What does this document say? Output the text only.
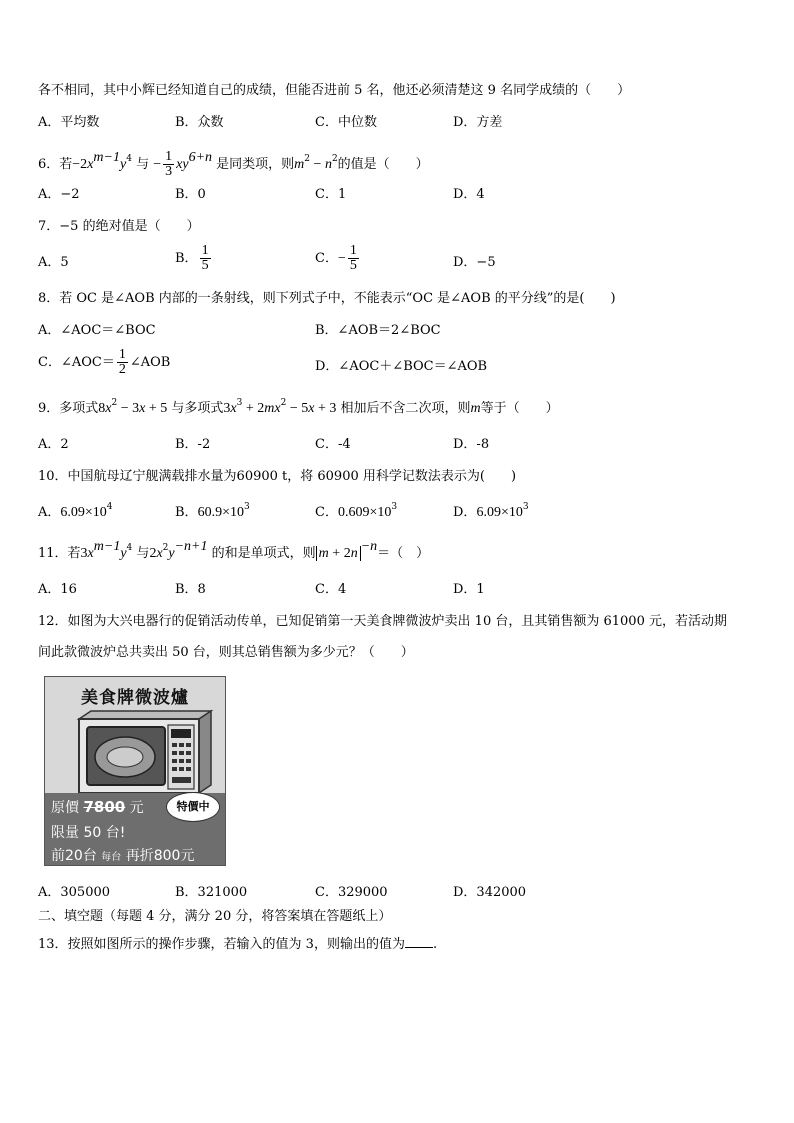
各不相同，其中小辉已经知道自己的成绩，但能否进前 5 名，他还必须清楚这 9 名同学成绩的（　　）
A．平均数	B．众数	C．中位数	D．方差
6．若$-2x^{m-1}y^4$ 与 − $\frac{1}{3} xy^{6+n}$ 是同类项，则$m^2 - n^2$的值是（　　）
A．−2	B．0	C．1	D．4
7．−5 的绝对值是（　　）
A．5	B． $\frac{1}{5}$	C．− $\frac{1}{5}$	D．−5
8．若 OC 是∠AOB 内部的一条射线，则下列式子中，不能表示“OC 是∠AOB 的平分线”的是(　　)
A．∠AOC＝∠BOC	B．∠AOB＝2∠BOC
C．∠AOC＝ $\frac{1}{2}$ ∠AOB	D．∠AOC＋∠BOC＝∠AOB
9．多项式$8x^2 - 3x + 5$ 与多项式$3x^3 + 2mx^2 - 5x + 3$ 相加后不含二次项，则m等于（　　）
A．2	B．-2	C．-4	D．-8
10．中国航母辽宁舰满载排水量为60900 t，将 60900 用科学记数法表示为(　　)
A．$6.09\times 10^4$	B．$60.9\times 10^3$	C．$0.609\times 10^3$	D．$6.09\times 10^3$
11．若$3x^{m-1}y^4$ 与$2x^2y^{-n+1}$ 的和是单项式，则 m + 2n $^{-n}$＝（　）
A．16	B．8	C．4	D．1
12．如图为大兴电器行的促销活动传单，已知促销第一天美食牌微波炉卖出 10 台，且其销售额为 61000 元，若活动期
间此款微波炉总共卖出 50 台，则其总销售额为多少元？（　　）
美食牌微波爐
原價 7800 元	特價中
限量 50 台!
前20台 每台 再折800元
A．305000	B．321000	C．329000	D．342000
二、填空题（每题 4 分，满分 20 分，将答案填在答题纸上）
13．按照如图所示的操作步骤，若输入的值为 3，则输出的值为 .
